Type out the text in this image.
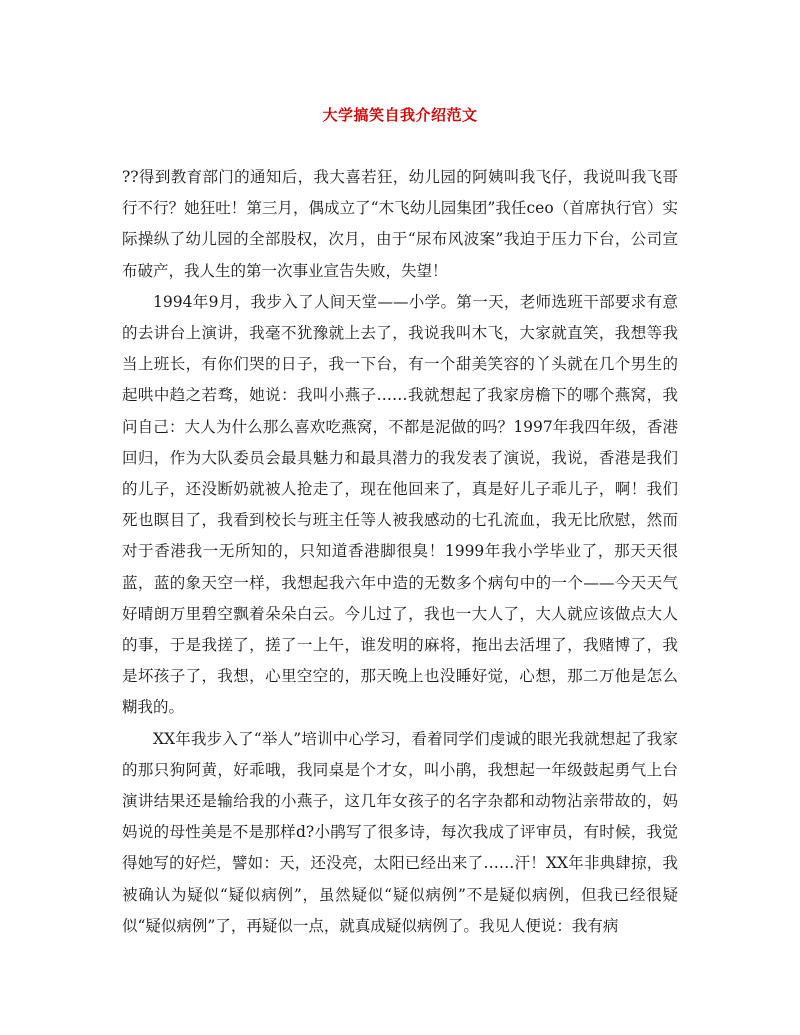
大学搞笑自我介绍范文

??得到教育部门的通知后，我大喜若狂，幼儿园的阿姨叫我飞仔，我说叫我飞哥行不行？她狂吐！第三月，偶成立了“木飞幼儿园集团”我任ceo（首席执行官）实际操纵了幼儿园的全部股权，次月，由于“尿布风波案”我迫于压力下台，公司宣布破产，我人生的第一次事业宣告失败，失望！

1994年9月，我步入了人间天堂——小学。第一天，老师选班干部要求有意的去讲台上演讲，我毫不犹豫就上去了，我说我叫木飞，大家就直笑，我想等我当上班长，有你们哭的日子，我一下台，有一个甜美笑容的丫头就在几个男生的起哄中趋之若骛，她说：我叫小燕子……我就想起了我家房檐下的哪个燕窝，我问自己：大人为什么那么喜欢吃燕窝，不都是泥做的吗？1997年我四年级，香港回归，作为大队委员会最具魅力和最具潜力的我发表了演说，我说，香港是我们的儿子，还没断奶就被人抢走了，现在他回来了，真是好儿子乖儿子，啊！我们死也瞑目了，我看到校长与班主任等人被我感动的七孔流血，我无比欣慰，然而对于香港我一无所知的，只知道香港脚很臭！1999年我小学毕业了，那天天很蓝，蓝的象天空一样，我想起我六年中造的无数多个病句中的一个——今天天气好晴朗万里碧空飘着朵朵白云。今儿过了，我也一大人了，大人就应该做点大人的事，于是我搓了，搓了一上午，谁发明的麻将，拖出去活埋了，我赌博了，我是坏孩子了，我想，心里空空的，那天晚上也没睡好觉，心想，那二万他是怎么糊我的。

XX年我步入了“举人”培训中心学习，看着同学们虔诚的眼光我就想起了我家的那只狗阿黄，好乖哦，我同桌是个才女，叫小鹃，我想起一年级鼓起勇气上台演讲结果还是输给我的小燕子，这几年女孩子的名字杂都和动物沾亲带故的，妈妈说的母性美是不是那样d?小鹃写了很多诗，每次我成了评审员，有时候，我觉得她写的好烂，譬如：天，还没亮，太阳已经出来了……汗！XX年非典肆掠，我被确认为疑似“疑似病例”，虽然疑似“疑似病例”不是疑似病例，但我已经很疑似“疑似病例”了，再疑似一点，就真成疑似病例了。我见人便说：我有病
